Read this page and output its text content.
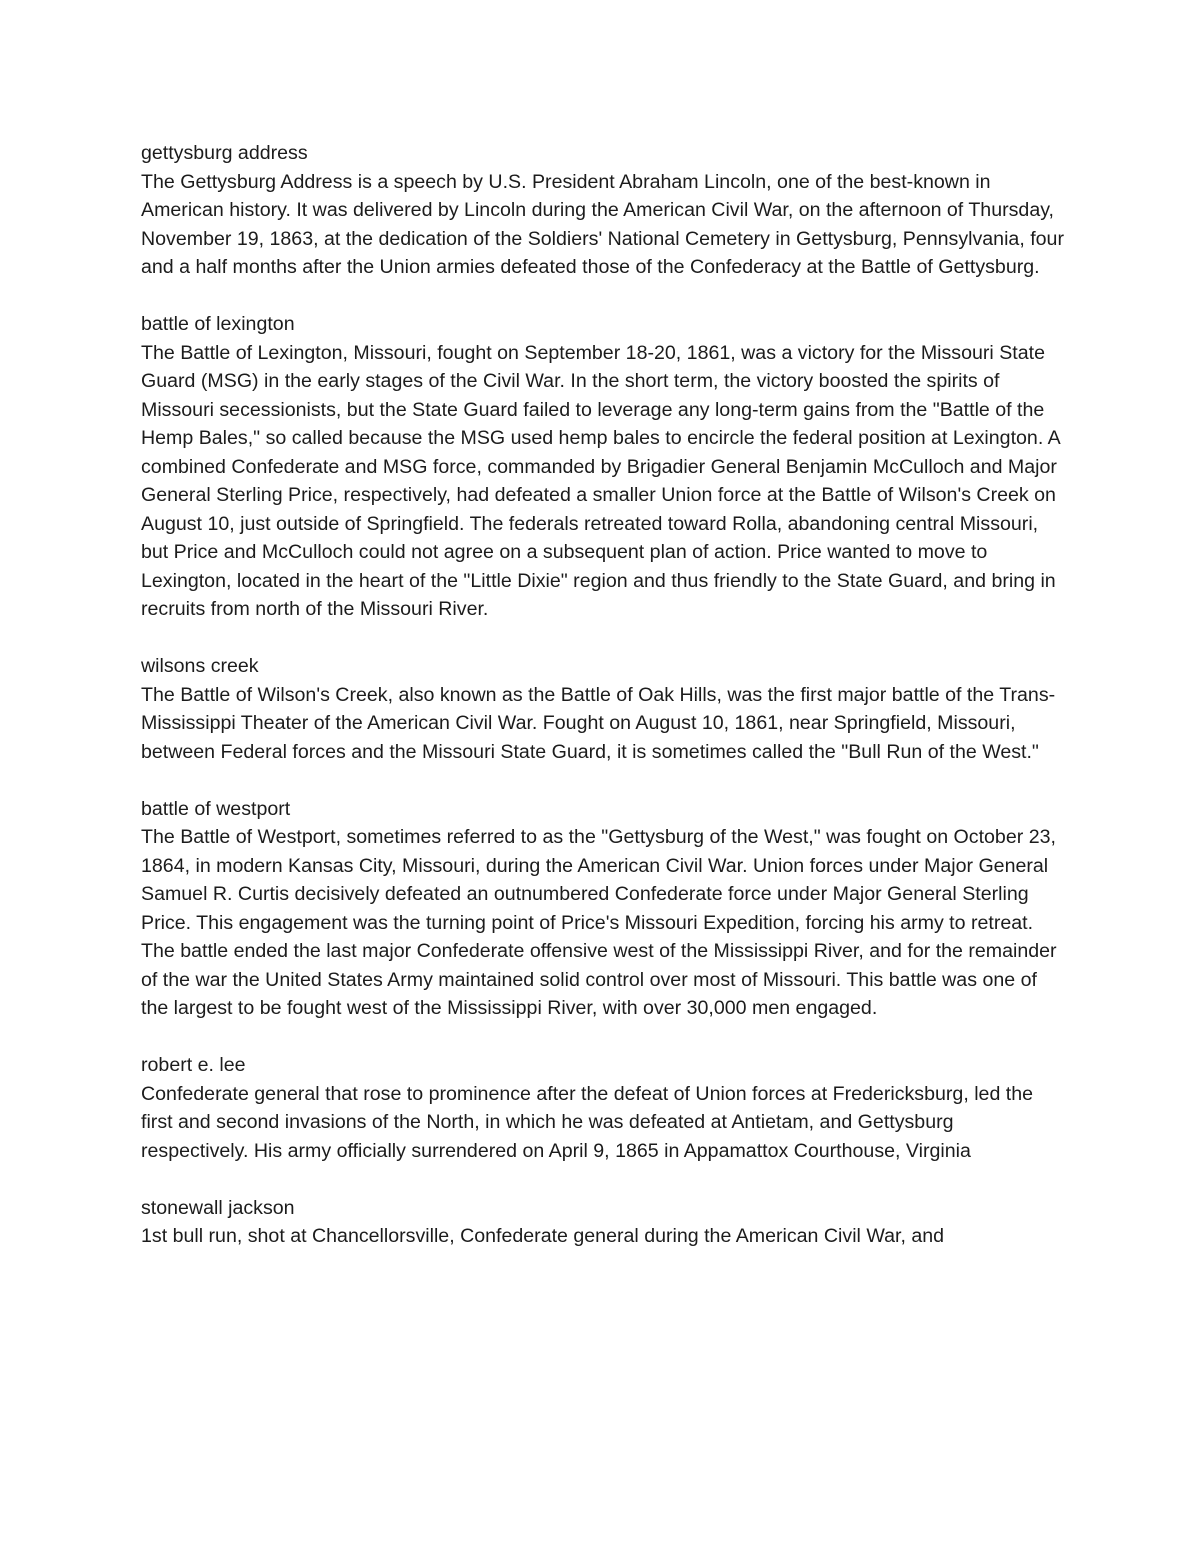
gettysburg address
The Gettysburg Address is a speech by U.S. President Abraham Lincoln, one of the best-known in American history. It was delivered by Lincoln during the American Civil War, on the afternoon of Thursday, November 19, 1863, at the dedication of the Soldiers' National Cemetery in Gettysburg, Pennsylvania, four and a half months after the Union armies defeated those of the Confederacy at the Battle of Gettysburg.
battle of lexington
The Battle of Lexington, Missouri, fought on September 18-20, 1861, was a victory for the Missouri State Guard (MSG) in the early stages of the Civil War. In the short term, the victory boosted the spirits of Missouri secessionists, but the State Guard failed to leverage any long-term gains from the "Battle of the Hemp Bales," so called because the MSG used hemp bales to encircle the federal position at Lexington. A combined Confederate and MSG force, commanded by Brigadier General Benjamin McCulloch and Major General Sterling Price, respectively, had defeated a smaller Union force at the Battle of Wilson's Creek on August 10, just outside of Springfield. The federals retreated toward Rolla, abandoning central Missouri, but Price and McCulloch could not agree on a subsequent plan of action. Price wanted to move to Lexington, located in the heart of the "Little Dixie" region and thus friendly to the State Guard, and bring in recruits from north of the Missouri River.
wilsons creek
The Battle of Wilson's Creek, also known as the Battle of Oak Hills, was the first major battle of the Trans-Mississippi Theater of the American Civil War. Fought on August 10, 1861, near Springfield, Missouri, between Federal forces and the Missouri State Guard, it is sometimes called the "Bull Run of the West."
battle of westport
The Battle of Westport, sometimes referred to as the "Gettysburg of the West," was fought on October 23, 1864, in modern Kansas City, Missouri, during the American Civil War. Union forces under Major General Samuel R. Curtis decisively defeated an outnumbered Confederate force under Major General Sterling Price. This engagement was the turning point of Price's Missouri Expedition, forcing his army to retreat. The battle ended the last major Confederate offensive west of the Mississippi River, and for the remainder of the war the United States Army maintained solid control over most of Missouri. This battle was one of the largest to be fought west of the Mississippi River, with over 30,000 men engaged.
robert e. lee
Confederate general that rose to prominence after the defeat of Union forces at Fredericksburg, led the first and second invasions of the North, in which he was defeated at Antietam, and Gettysburg respectively. His army officially surrendered on April 9, 1865 in Appamattox Courthouse, Virginia
stonewall jackson
1st bull run, shot at Chancellorsville, Confederate general during the American Civil War, and
